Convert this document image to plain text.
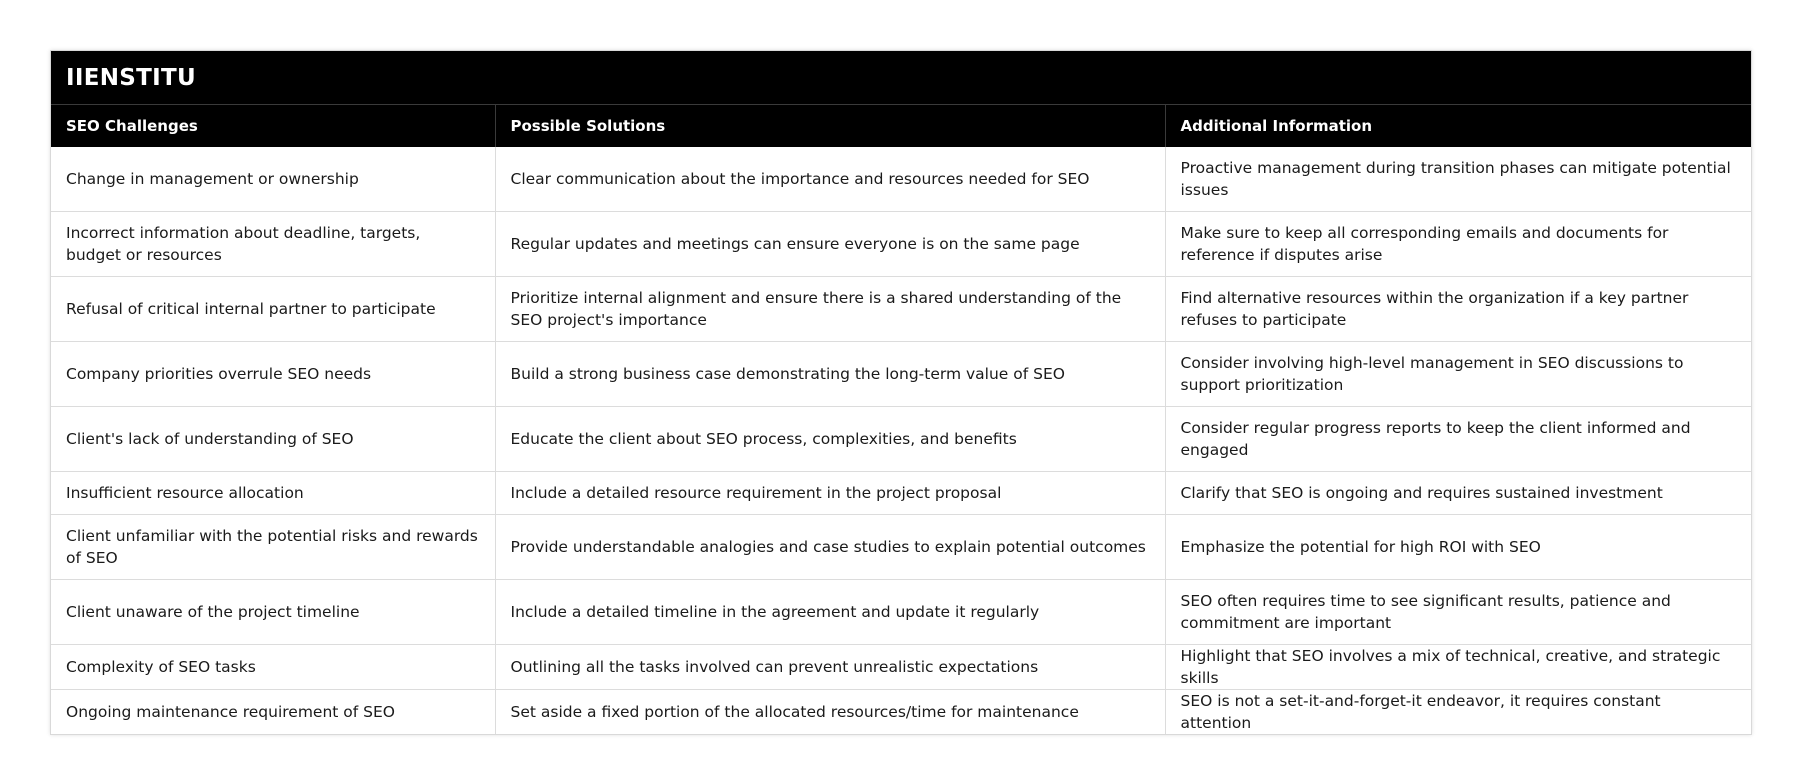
IIENSTITU
SEO Challenges	Possible Solutions	Additional Information
Change in management or ownership	Clear communication about the importance and resources needed for SEO	Proactive management during transition phases can mitigate potential issues
Incorrect information about deadline, targets, budget or resources	Regular updates and meetings can ensure everyone is on the same page	Make sure to keep all corresponding emails and documents for reference if disputes arise
Refusal of critical internal partner to participate	Prioritize internal alignment and ensure there is a shared understanding of the SEO project's importance	Find alternative resources within the organization if a key partner refuses to participate
Company priorities overrule SEO needs	Build a strong business case demonstrating the long-term value of SEO	Consider involving high-level management in SEO discussions to support prioritization
Client's lack of understanding of SEO	Educate the client about SEO process, complexities, and benefits	Consider regular progress reports to keep the client informed and engaged
Insufficient resource allocation	Include a detailed resource requirement in the project proposal	Clarify that SEO is ongoing and requires sustained investment
Client unfamiliar with the potential risks and rewards of SEO	Provide understandable analogies and case studies to explain potential outcomes	Emphasize the potential for high ROI with SEO
Client unaware of the project timeline	Include a detailed timeline in the agreement and update it regularly	SEO often requires time to see significant results, patience and commitment are important
Complexity of SEO tasks	Outlining all the tasks involved can prevent unrealistic expectations	Highlight that SEO involves a mix of technical, creative, and strategic skills
Ongoing maintenance requirement of SEO	Set aside a fixed portion of the allocated resources/time for maintenance	SEO is not a set-it-and-forget-it endeavor, it requires constant attention
